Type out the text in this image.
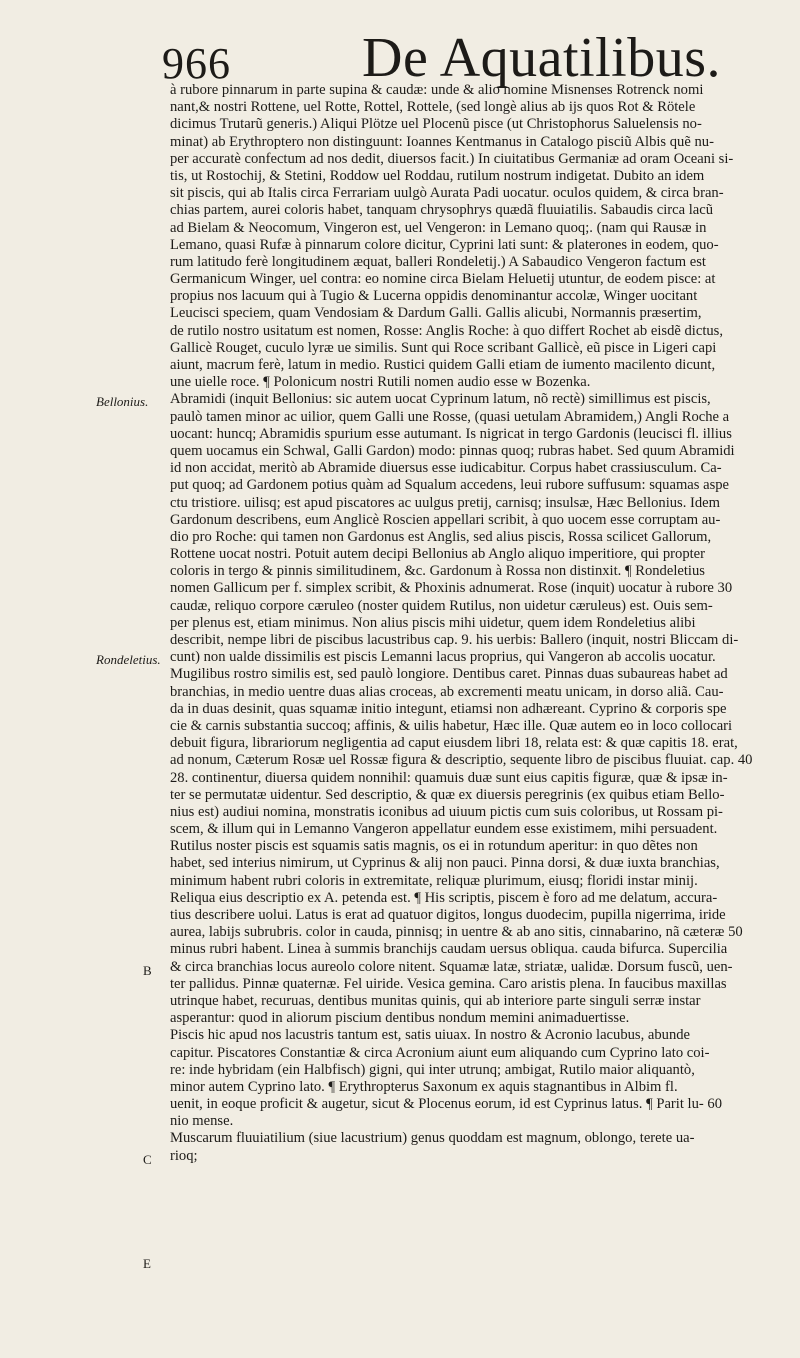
966 De Aquatilibus.
à rubore pinnarum in parte supina & caudæ: unde & alio nomine Misnenses Rotrenck nomi
nant,& nostri Rottene, uel Rotte, Rottel, Rottele, (sed longè alius ab ijs quos Rot & Rötele
dicimus Trutarũ generis.) Aliqui Plötze uel Plocenũ pisce (ut Christophorus Saluelensis no-
minat) ab Erythroptero non distinguunt: Ioannes Kentmanus in Catalogo pisciũ Albis quẽ nu-
per accuratè confectum ad nos dedit, diuersos facit.) In ciuitatibus Germaniæ ad oram Oceani si-
tis, ut Rostochij, & Stetini, Roddow uel Roddau, rutilum nostrum indigetat. Dubito an idem
sit piscis, qui ab Italis circa Ferrariam uulgò Aurata Padi uocatur. oculos quidem, & circa bran-
chias partem, aurei coloris habet, tanquam chrysophrys quædã fluuiatilis. Sabaudis circa lacũ
ad Bielam & Neocomum, Vingeron est, uel Vengeron: in Lemano quoq;. (nam qui Rausæ in
Lemano, quasi Rufæ à pinnarum colore dicitur, Cyprini lati sunt: & platerones in eodem, quo-
rum latitudo ferè longitudinem æquat, balleri Rondeletij.) A Sabaudico Vengeron factum est
Germanicum Winger, uel contra: eo nomine circa Bielam Heluetij utuntur, de eodem pisce: at
propius nos lacuum qui à Tugio & Lucerna oppidis denominantur accolæ, Winger uocitant
Leucisci speciem, quam Vendosiam & Dardum Galli. Gallis alicubi, Normannis præsertim,
de rutilo nostro usitatum est nomen, Rosse: Anglis Roche: à quo differt Rochet ab eisdẽ dictus,
Gallicè Rouget, cuculo lyræ ue similis. Sunt qui Roce scribant Gallicè, eũ pisce in Ligeri capi
aiunt, macrum ferè, latum in medio. Rustici quidem Galli etiam de iumento macilento dicunt,
une uielle roce. ¶ Polonicum nostri Rutili nomen audio esse w Bozenka.
Abramidi (inquit Bellonius: sic autem uocat Cyprinum latum, nõ rectè) simillimus est piscis,
paulò tamen minor ac uilior, quem Galli une Rosse, (quasi uetulam Abramidem,) Angli Roche a
uocant: huncq; Abramidis spurium esse autumant. Is nigricat in tergo Gardonis (leucisci fl. illius
quem uocamus ein Schwal, Galli Gardon) modo: pinnas quoq; rubras habet. Sed quum Abramidi
id non accidat, meritò ab Abramide diuersus esse iudicabitur. Corpus habet crassiusculum. Ca-
put quoq; ad Gardonem potius quàm ad Squalum accedens, leui rubore suffusum: squamas aspe
ctu tristiore. uilisq; est apud piscatores ac uulgus pretij, carnisq; insulsæ, Hæc Bellonius. Idem
Gardonum describens, eum Anglicè Roscien appellari scribit, à quo uocem esse corruptam au-
dio pro Roche: qui tamen non Gardonus est Anglis, sed alius piscis, Rossa scilicet Gallorum,
Rottene uocat nostri. Potuit autem decipi Bellonius ab Anglo aliquo imperitiore, qui propter
coloris in tergo & pinnis similitudinem, &c. Gardonum à Rossa non distinxit. ¶ Rondeletius
nomen Gallicum per f. simplex scribit, & Phoxinis adnumerat. Rose (inquit) uocatur à rubore 30
caudæ, reliquo corpore cæruleo (noster quidem Rutilus, non uidetur cæruleus) est. Ouis sem-
per plenus est, etiam minimus. Non alius piscis mihi uidetur, quem idem Rondeletius alibi
describit, nempe libri de piscibus lacustribus cap. 9. his uerbis: Ballero (inquit, nostri Bliccam di-
cunt) non ualde dissimilis est piscis Lemanni lacus proprius, qui Vangeron ab accolis uocatur.
Mugilibus rostro similis est, sed paulò longiore. Dentibus caret. Pinnas duas subaureas habet ad
branchias, in medio uentre duas alias croceas, ab excrementi meatu unicam, in dorso aliã. Cau-
da in duas desinit, quas squamæ initio integunt, etiamsi non adhæreant. Cyprino & corporis spe
cie & carnis substantia succoq; affinis, & uilis habetur, Hæc ille. Quæ autem eo in loco collocari
debuit figura, librariorum negligentia ad caput eiusdem libri 18, relata est: & quæ capitis 18. erat,
ad nonum, Cæterum Rosæ uel Rossæ figura & descriptio, sequente libro de piscibus fluuiat. cap. 40
28. continentur, diuersa quidem nonnihil: quamuis duæ sunt eius capitis figuræ, quæ & ipsæ in-
ter se permutatæ uidentur. Sed descriptio, & quæ ex diuersis peregrinis (ex quibus etiam Bello-
nius est) audiui nomina, monstratis iconibus ad uiuum pictis cum suis coloribus, ut Rossam pi-
scem, & illum qui in Lemanno Vangeron appellatur eundem esse existimem, mihi persuadent.
Rutilus noster piscis est squamis satis magnis, os ei in rotundum aperitur: in quo dẽtes non
habet, sed interius nimirum, ut Cyprinus & alij non pauci. Pinna dorsi, & duæ iuxta branchias,
minimum habent rubri coloris in extremitate, reliquæ plurimum, eiusq; floridi instar minij.
Reliqua eius descriptio ex A. petenda est. ¶ His scriptis, piscem è foro ad me delatum, accura-
tius describere uolui. Latus is erat ad quatuor digitos, longus duodecim, pupilla nigerrima, iride
aurea, labijs subrubris. color in cauda, pinnisq; in uentre & ab ano sitis, cinnabarino, nã cæteræ 50
minus rubri habent. Linea à summis branchijs caudam uersus obliqua. cauda bifurca. Supercilia
& circa branchias locus aureolo colore nitent. Squamæ latæ, striatæ, ualidæ. Dorsum fuscũ, uen-
ter pallidus. Pinnæ quaternæ. Fel uiride. Vesica gemina. Caro aristis plena. In faucibus maxillas
utrinque habet, recuruas, dentibus munitas quinis, qui ab interiore parte singuli serræ instar
asperantur: quod in aliorum piscium dentibus nondum memini animaduertisse.
Piscis hic apud nos lacustris tantum est, satis uiuax. In nostro & Acronio lacubus, abunde
capitur. Piscatores Constantiæ & circa Acronium aiunt eum aliquando cum Cyprino lato coi-
re: inde hybridam (ein Halbfisch) gigni, qui inter utrunq; ambigat, Rutilo maior aliquantò,
minor autem Cyprino lato. ¶ Erythropterus Saxonum ex aquis stagnantibus in Albim fl.
uenit, in eoque proficit & augetur, sicut & Plocenus eorum, id est Cyprinus latus. ¶ Parit lu- 60
nio mense.
Muscarum fluuiatilium (siue lacustrium) genus quoddam est magnum, oblongo, terete ua-
rioq;
Bellonius.
Rondeletius.
B
C
E
